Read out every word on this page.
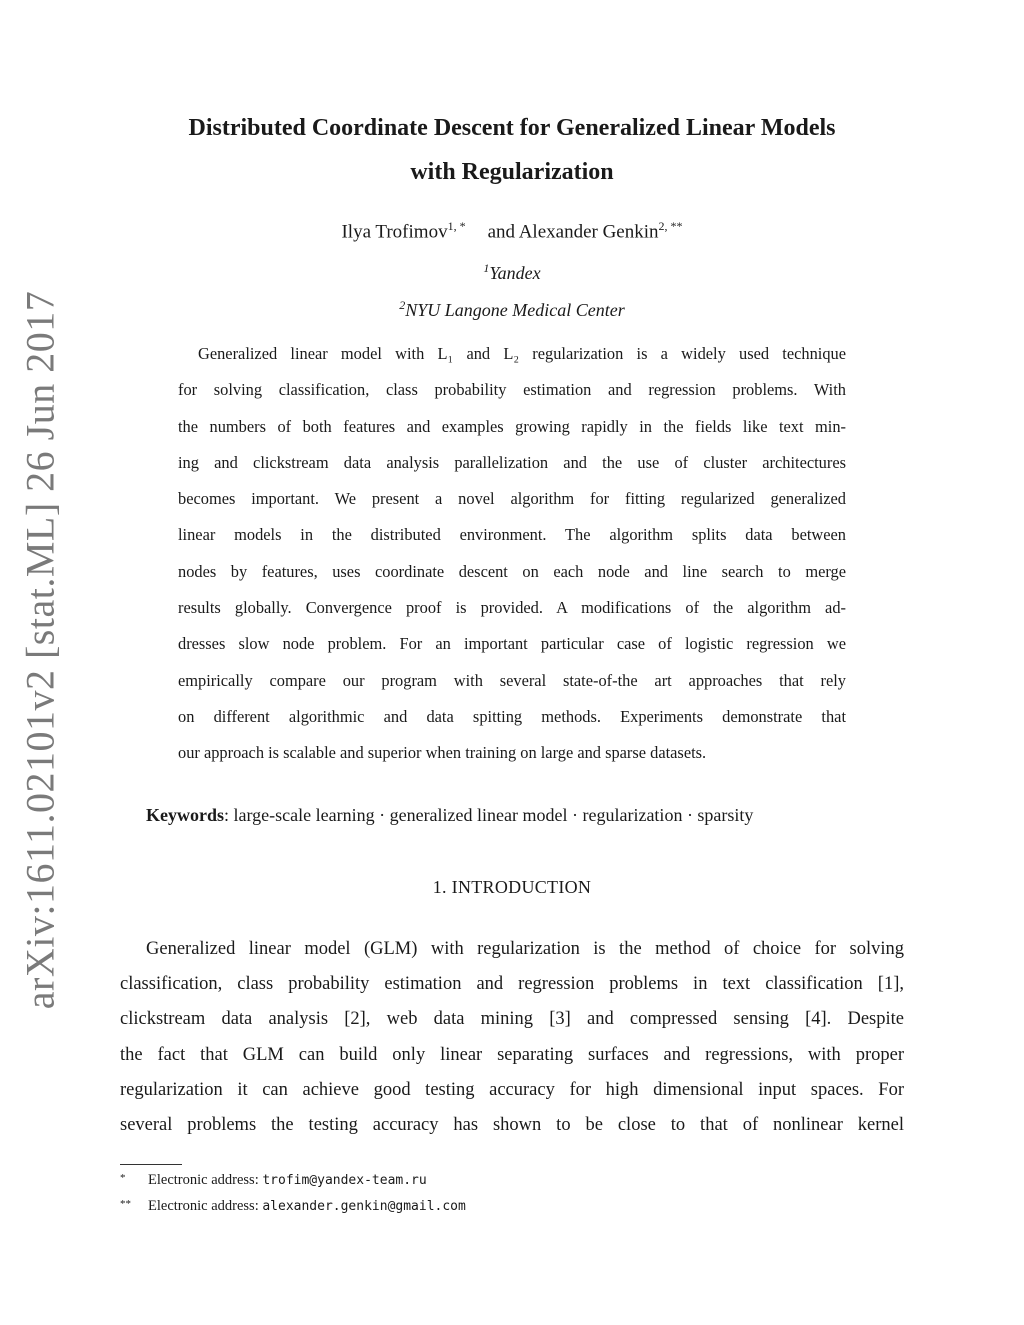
arXiv:1611.02101v2 [stat.ML] 26 Jun 2017
Distributed Coordinate Descent for Generalized Linear Models
with Regularization
Ilya Trofimov$^{1, *}$ and Alexander Genkin$^{2, **}$
$^1$Yandex
$^2$NYU Langone Medical Center
Generalized linear model with L₁ and L₂ regularization is a widely used technique
for solving classification, class probability estimation and regression problems. With
the numbers of both features and examples growing rapidly in the fields like text min-
ing and clickstream data analysis parallelization and the use of cluster architectures
becomes important. We present a novel algorithm for fitting regularized generalized
linear models in the distributed environment. The algorithm splits data between
nodes by features, uses coordinate descent on each node and line search to merge
results globally. Convergence proof is provided. A modifications of the algorithm ad-
dresses slow node problem. For an important particular case of logistic regression we
empirically compare our program with several state-of-the art approaches that rely
on different algorithmic and data spitting methods. Experiments demonstrate that
our approach is scalable and superior when training on large and sparse datasets.
Keywords: large-scale learning · generalized linear model · regularization · sparsity
1. INTRODUCTION
Generalized linear model (GLM) with regularization is the method of choice for solving
classification, class probability estimation and regression problems in text classification [1],
clickstream data analysis [2], web data mining [3] and compressed sensing [4]. Despite
the fact that GLM can build only linear separating surfaces and regressions, with proper
regularization it can achieve good testing accuracy for high dimensional input spaces. For
several problems the testing accuracy has shown to be close to that of nonlinear kernel
* Electronic address: trofim@yandex-team.ru
** Electronic address: alexander.genkin@gmail.com
